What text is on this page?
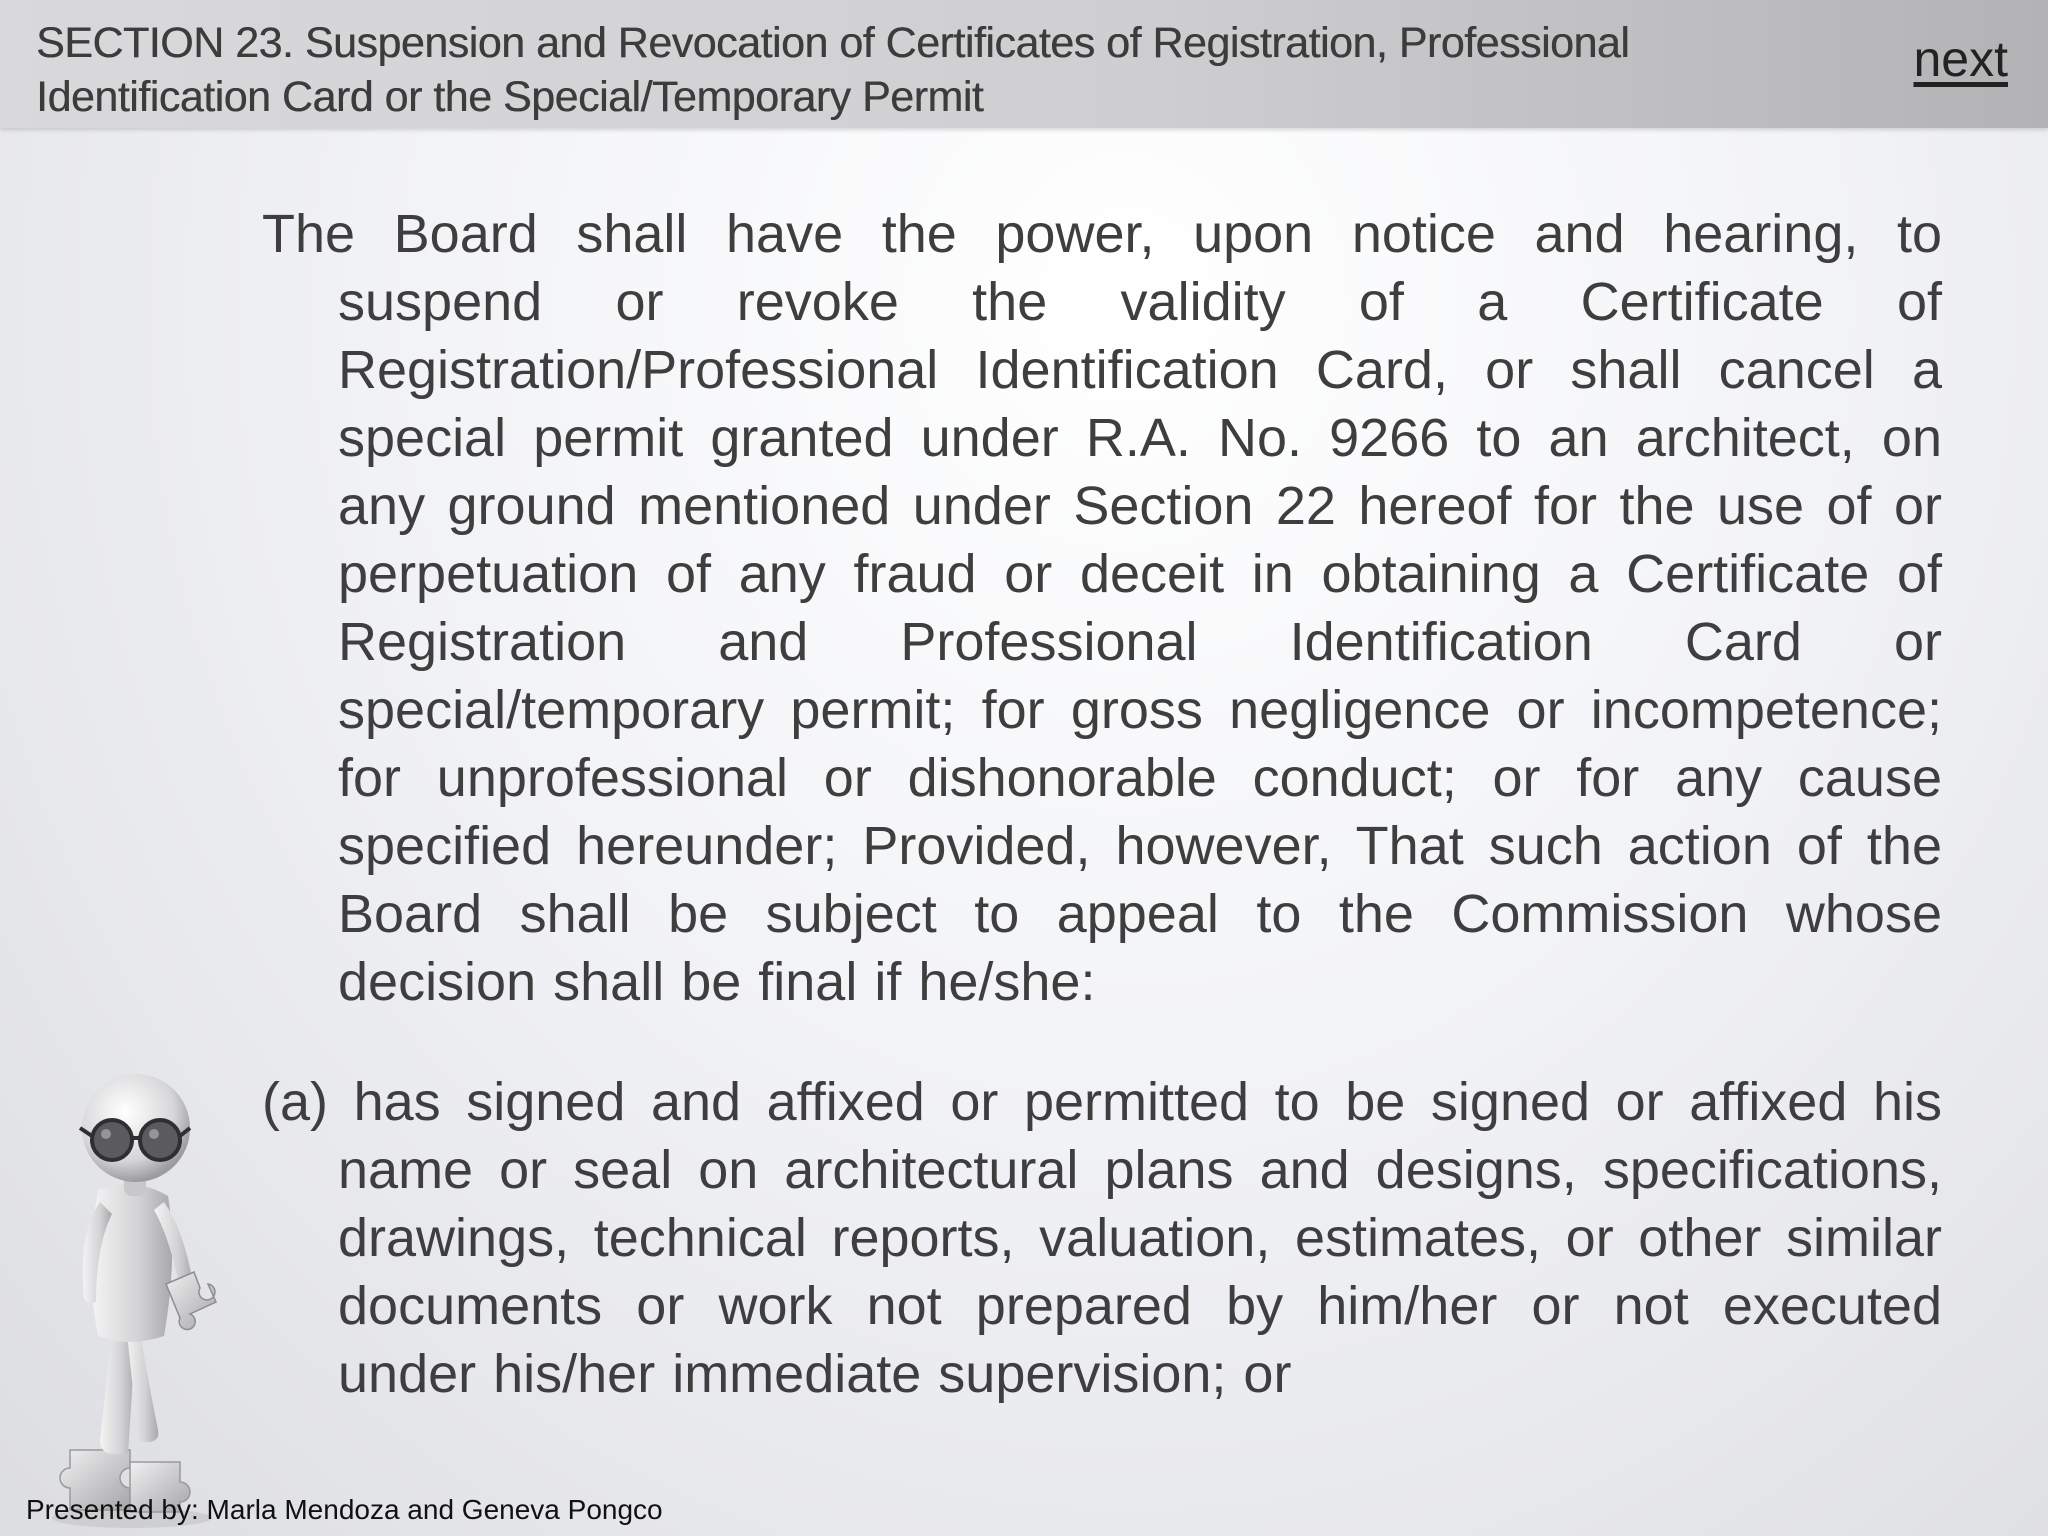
SECTION 23. Suspension and Revocation of Certificates of Registration, Professional Identification Card or the Special/Temporary Permit
next

The Board shall have the power, upon notice and hearing, to suspend or revoke the validity of a Certificate of Registration/Professional Identification Card, or shall cancel a special permit granted under R.A. No. 9266 to an architect, on any ground mentioned under Section 22 hereof for the use of or perpetuation of any fraud or deceit in obtaining a Certificate of Registration and Professional Identification Card or special/temporary permit; for gross negligence or incompetence; for unprofessional or dishonorable conduct; or for any cause specified hereunder; Provided, however, That such action of the Board shall be subject to appeal to the Commission whose decision shall be final if he/she:

(a) has signed and affixed or permitted to be signed or affixed his name or seal on architectural plans and designs, specifications, drawings, technical reports, valuation, estimates, or other similar documents or work not prepared by him/her or not executed under his/her immediate supervision; or

Presented by: Marla Mendoza and Geneva Pongco
